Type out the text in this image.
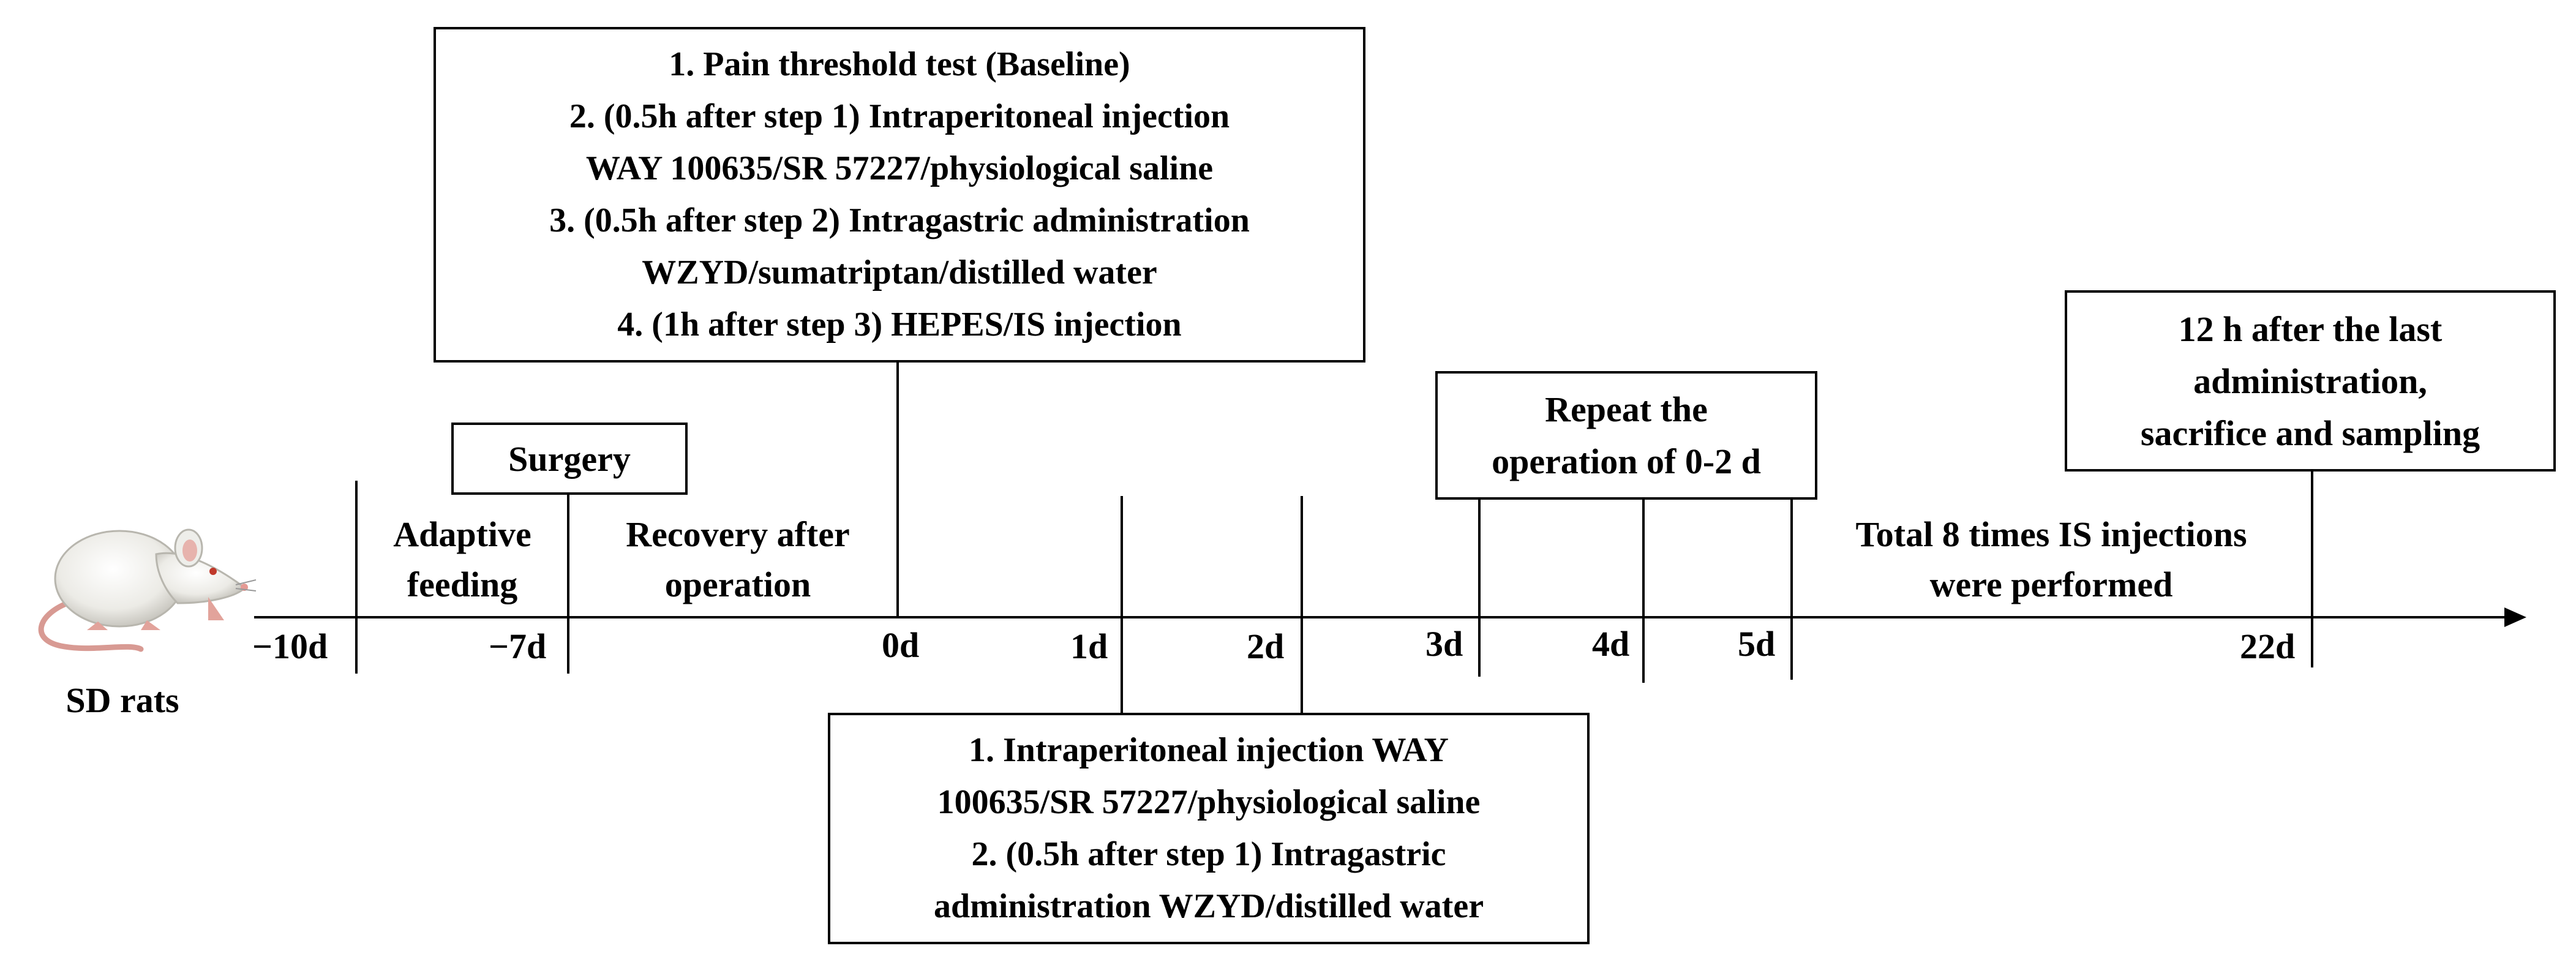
SD rats
−10d	−7d	0d	1d	2d	3d	4d	5d	22d
Adaptive
feeding
Recovery after
operation
Total 8 times IS injections
were performed
Surgery
1. Pain threshold test (Baseline)
2. (0.5h after step 1) Intraperitoneal injection
WAY 100635/SR 57227/physiological saline
3. (0.5h after step 2) Intragastric administration
WZYD/sumatriptan/distilled water
4. (1h after step 3) HEPES/IS injection
Repeat the
operation of 0-2 d
12 h after the last
administration,
sacrifice and sampling
1. Intraperitoneal injection WAY
100635/SR 57227/physiological saline
2. (0.5h after step 1) Intragastric
administration WZYD/distilled water
